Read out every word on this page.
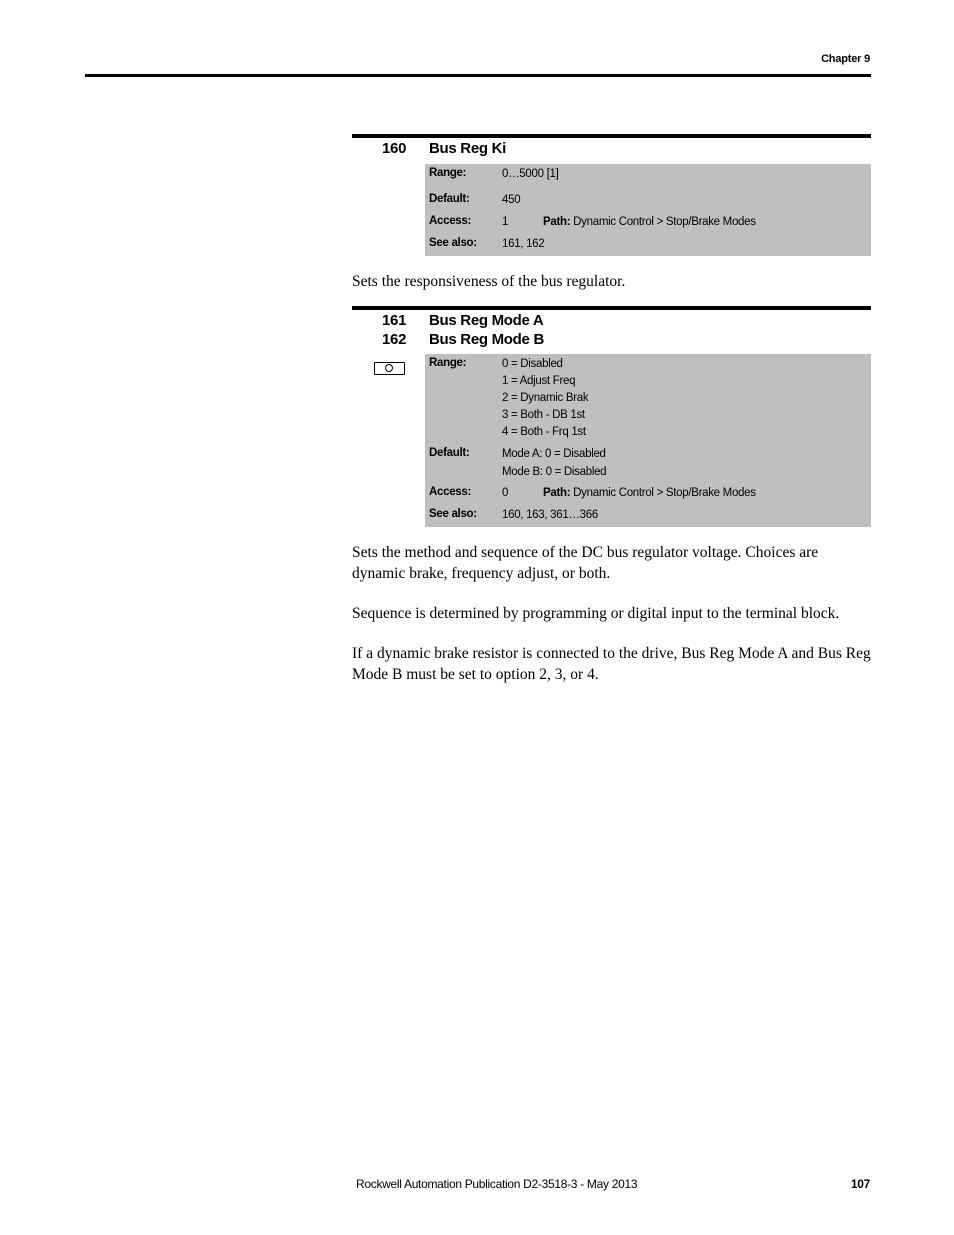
Chapter 9
160 Bus Reg Ki
Range:	0…5000 [1]
Default:	450
Access:	1	Path: Dynamic Control > Stop/Brake Modes
See also: 161, 162
Sets the responsiveness of the bus regulator.
161 Bus Reg Mode A
162 Bus Reg Mode B
Range:	0 = Disabled
1 = Adjust Freq
2 = Dynamic Brak
3 = Both - DB 1st
4 = Both - Frq 1st
Default:	Mode A: 0 = Disabled
Mode B: 0 = Disabled
Access:	0	Path: Dynamic Control > Stop/Brake Modes
See also: 160, 163, 361…366
Sets the method and sequence of the DC bus regulator voltage. Choices are dynamic brake, frequency adjust, or both.
Sequence is determined by programming or digital input to the terminal block.
If a dynamic brake resistor is connected to the drive, Bus Reg Mode A and Bus Reg Mode B must be set to option 2, 3, or 4.
Rockwell Automation Publication D2-3518-3 - May 2013	107
